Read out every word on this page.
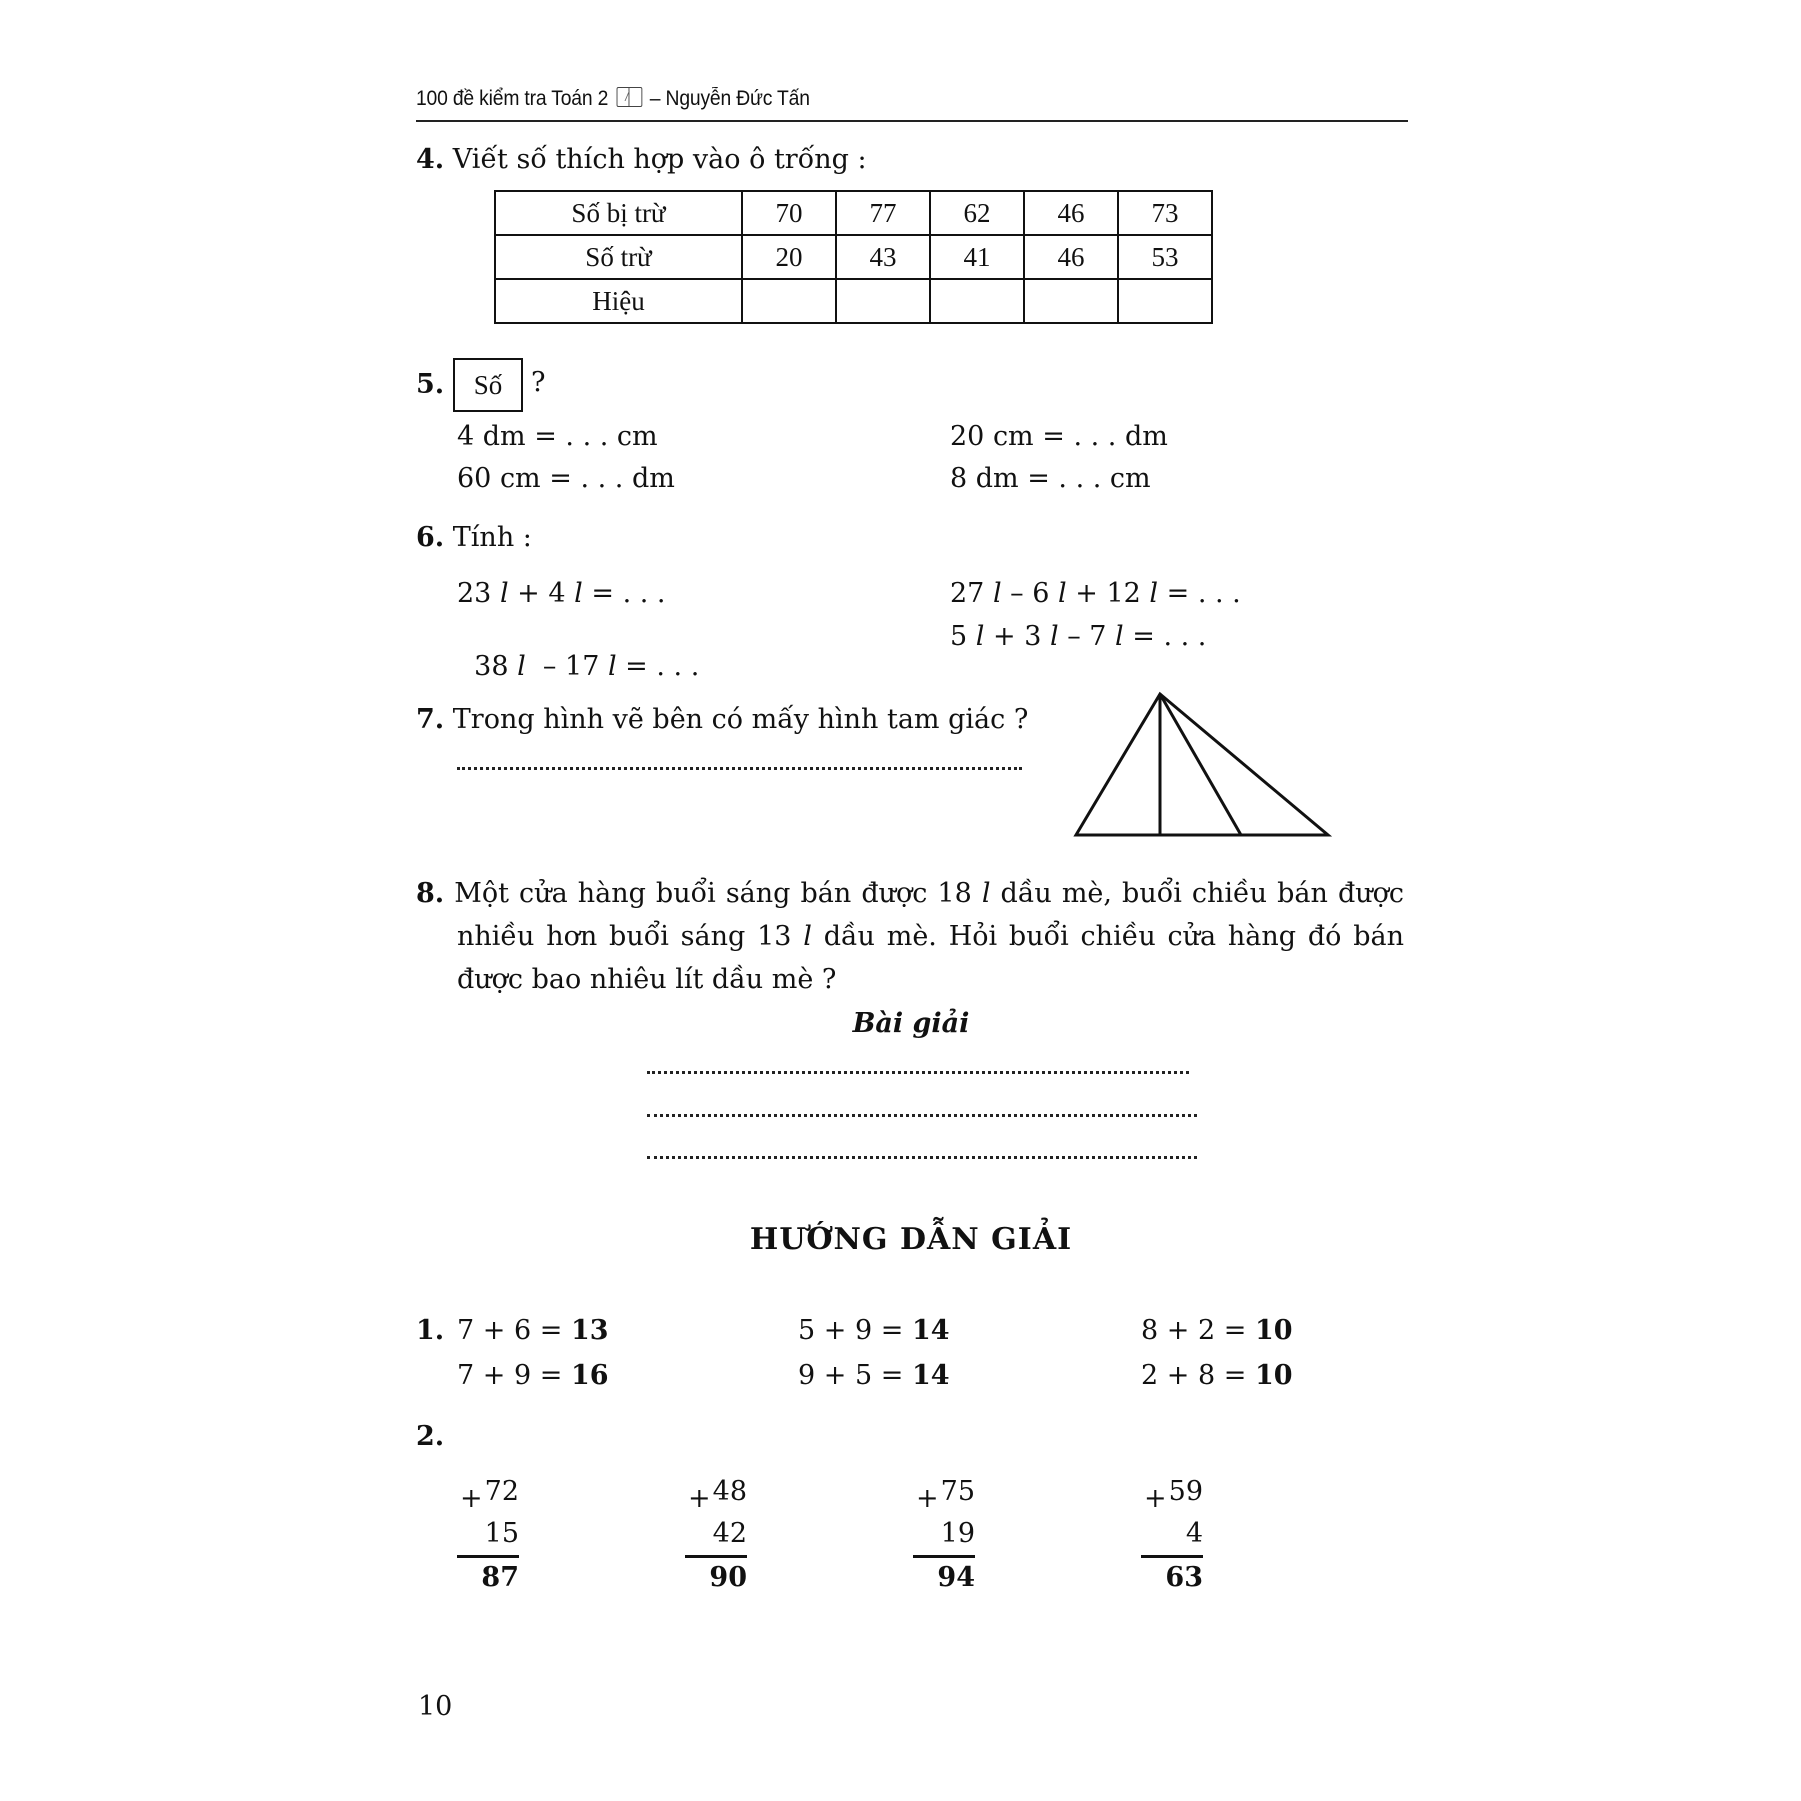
100 đề kiểm tra Toán 2 – Nguyễn Đức Tấn
4. Viết số thích hợp vào ô trống :
Số bị trừ	70	77	62	46	73
Số trừ	20	43	41	46	53
Hiệu					
5.	Số	?
4 dm = . . . cm	20 cm = . . . dm
60 cm = . . . dm	8 dm = . . . cm
6. Tính :
23 l + 4 l = . . .	27 l – 6 l + 12 l = . . .

38 l  – 17 l = . . .

5 l + 3 l – 7 l = . . .
7. Trong hình vẽ bên có mấy hình tam giác ?
8. Một cửa hàng buổi sáng bán được 18 l dầu mè, buổi chiều bán được
nhiều hơn buổi sáng 13 l dầu mè. Hỏi buổi chiều cửa hàng đó bán
được bao nhiêu lít dầu mè ?
Bài giải
HƯỚNG DẪN GIẢI
1. 7 + 6 = 13	5 + 9 = 14	8 + 2 = 10
7 + 9 = 16	9 + 5 = 14	2 + 8 = 10
2.
+ 72
15
87
+ 48
42
90
+ 75
19
94
+ 59
4
63
10
